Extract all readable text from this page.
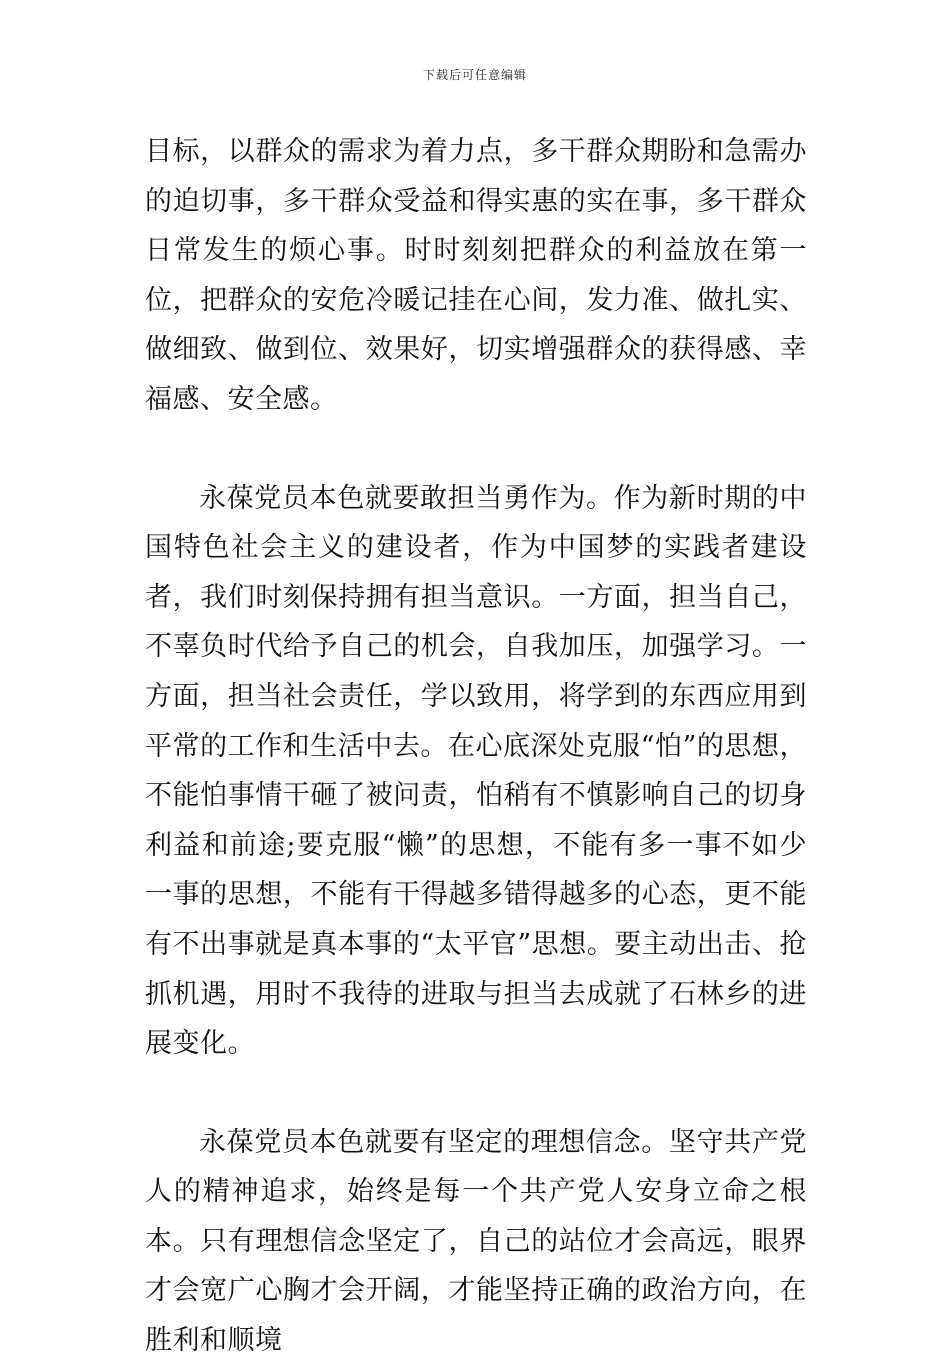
下载后可任意编辑

目标，以群众的需求为着力点，多干群众期盼和急需办的迫切事，多干群众受益和得实惠的实在事，多干群众日常发生的烦心事。时时刻刻把群众的利益放在第一位，把群众的安危冷暖记挂在心间，发力准、做扎实、做细致、做到位、效果好，切实增强群众的获得感、幸福感、安全感。

永葆党员本色就要敢担当勇作为。作为新时期的中国特色社会主义的建设者，作为中国梦的实践者建设者，我们时刻保持拥有担当意识。一方面，担当自己，不辜负时代给予自己的机会，自我加压，加强学习。一方面，担当社会责任，学以致用，将学到的东西应用到平常的工作和生活中去。在心底深处克服“怕”的思想，不能怕事情干砸了被问责，怕稍有不慎影响自己的切身利益和前途;要克服“懒”的思想，不能有多一事不如少一事的思想，不能有干得越多错得越多的心态，更不能有不出事就是真本事的“太平官”思想。要主动出击、抢抓机遇，用时不我待的进取与担当去成就了石林乡的进展变化。

永葆党员本色就要有坚定的理想信念。坚守共产党人的精神追求，始终是每一个共产党人安身立命之根本。只有理想信念坚定了，自己的站位才会高远，眼界才会宽广心胸才会开阔，才能坚持正确的政治方向，在胜利和顺境
